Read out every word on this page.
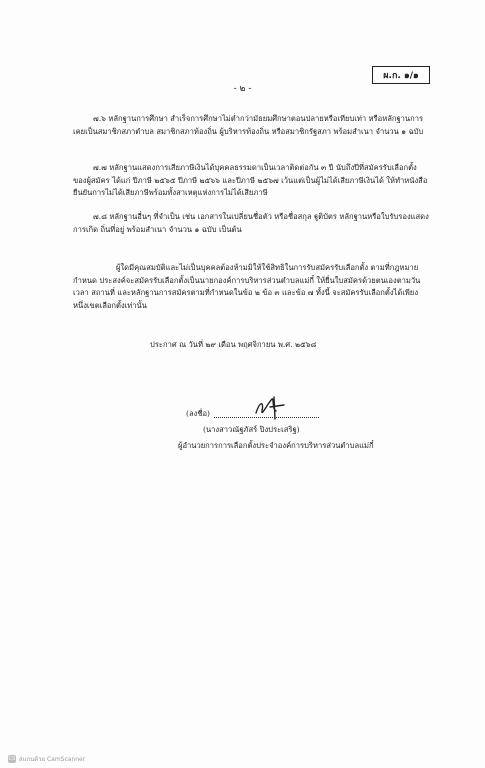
ผ.ก. ๑/๑
- ๒ -

๗.๖ หลักฐานการศึกษา สำเร็จการศึกษาไม่ต่ำกว่ามัธยมศึกษาตอนปลายหรือเทียบเท่า หรือหลักฐานการเคยเป็นสมาชิกสภาตำบล สมาชิกสภาท้องถิ่น ผู้บริหารท้องถิ่น หรือสมาชิกรัฐสภา พร้อมสำเนา จำนวน ๑ ฉบับ

๗.๗ หลักฐานแสดงการเสียภาษีเงินได้บุคคลธรรมดาเป็นเวลาติดต่อกัน ๓ ปี นับถึงปีที่สมัครรับเลือกตั้งของผู้สมัคร ได้แก่ ปีภาษี ๒๕๖๕ ปีภาษี ๒๕๖๖ และปีภาษี ๒๕๖๗ เว้นแต่เป็นผู้ไม่ได้เสียภาษีเงินได้ ให้ทำหนังสือยืนยันการไม่ได้เสียภาษีพร้อมทั้งสาเหตุแห่งการไม่ได้เสียภาษี

๗.๘ หลักฐานอื่นๆ ที่จำเป็น เช่น เอกสารในเปลี่ยนชื่อตัว หรือชื่อสกุล ฐูติบัตร หลักฐานหรือใบรับรองแสดงการเกิด ถิ่นที่อยู่ พร้อมสำเนา จำนวน ๑ ฉบับ เป็นต้น

ผู้ใดมีคุณสมบัติและไม่เป็นบุคคลต้องห้ามมิให้ใช้สิทธิในการรับสมัครรับเลือกตั้ง ตามที่กฎหมายกำหนด ประสงค์จะสมัครรับเลือกตั้งเป็นนายกองค์การบริหารส่วนตำบลแม่กี๋ ให้ยื่นใบสมัครด้วยตนเองตามวันเวลา สถานที่ และหลักฐานการสมัครตามที่กำหนดในข้อ ๒ ข้อ ๓ และข้อ ๗ ทั้งนี้ จะสมัครรับเลือกตั้งได้เพียงหนึ่งเขตเลือกตั้งเท่านั้น

ประกาศ ณ วันที่ ๒๙ เดือน พฤศจิกายน พ.ศ. ๒๕๖๘
(ลงชื่อ)
(นางสาวณัฐภัสร์ ปิงประเสริฐ)
ผู้อำนวยการการเลือกตั้งประจำองค์การบริหารส่วนตำบลแม่กี๋
CS สแกนด้วย CamScanner
